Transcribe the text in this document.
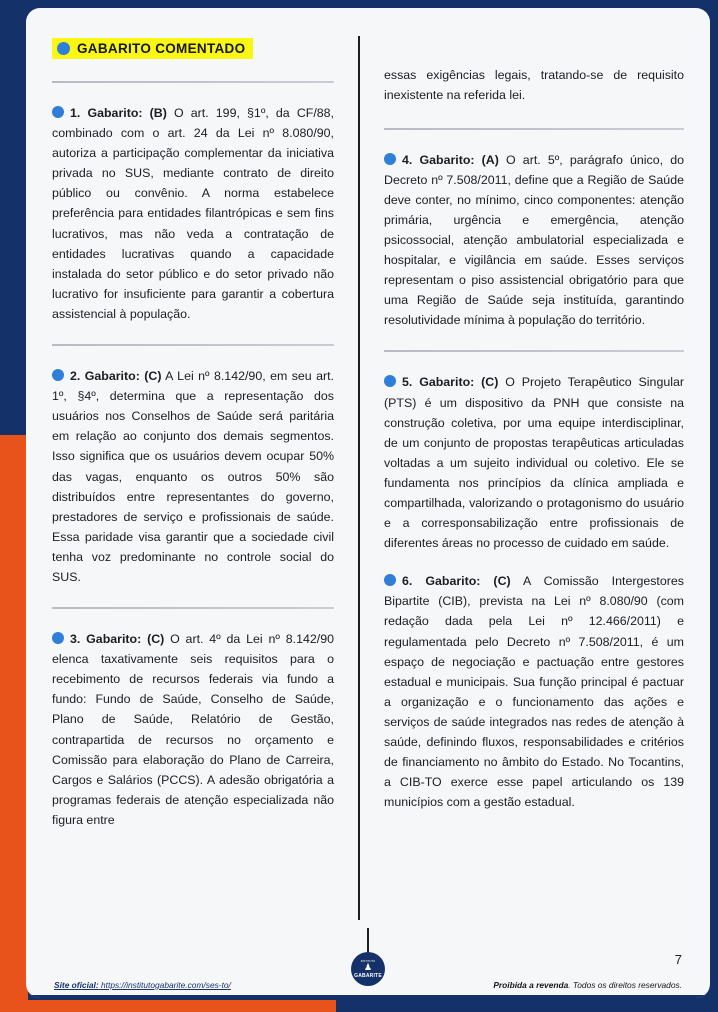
GABARITO COMENTADO

1. Gabarito: (B) O art. 199, §1º, da CF/88, combinado com o art. 24 da Lei nº 8.080/90, autoriza a participação complementar da iniciativa privada no SUS, mediante contrato de direito público ou convênio. A norma estabelece preferência para entidades filantrópicas e sem fins lucrativos, mas não veda a contratação de entidades lucrativas quando a capacidade instalada do setor público e do setor privado não lucrativo for insuficiente para garantir a cobertura assistencial à população.

2. Gabarito: (C) A Lei nº 8.142/90, em seu art. 1º, §4º, determina que a representação dos usuários nos Conselhos de Saúde será paritária em relação ao conjunto dos demais segmentos. Isso significa que os usuários devem ocupar 50% das vagas, enquanto os outros 50% são distribuídos entre representantes do governo, prestadores de serviço e profissionais de saúde. Essa paridade visa garantir que a sociedade civil tenha voz predominante no controle social do SUS.

3. Gabarito: (C) O art. 4º da Lei nº 8.142/90 elenca taxativamente seis requisitos para o recebimento de recursos federais via fundo a fundo: Fundo de Saúde, Conselho de Saúde, Plano de Saúde, Relatório de Gestão, contrapartida de recursos no orçamento e Comissão para elaboração do Plano de Carreira, Cargos e Salários (PCCS). A adesão obrigatória a programas federais de atenção especializada não figura entre

essas exigências legais, tratando-se de requisito inexistente na referida lei.

4. Gabarito: (A) O art. 5º, parágrafo único, do Decreto nº 7.508/2011, define que a Região de Saúde deve conter, no mínimo, cinco componentes: atenção primária, urgência e emergência, atenção psicossocial, atenção ambulatorial especializada e hospitalar, e vigilância em saúde. Esses serviços representam o piso assistencial obrigatório para que uma Região de Saúde seja instituída, garantindo resolutividade mínima à população do território.

5. Gabarito: (C) O Projeto Terapêutico Singular (PTS) é um dispositivo da PNH que consiste na construção coletiva, por uma equipe interdisciplinar, de um conjunto de propostas terapêuticas articuladas voltadas a um sujeito individual ou coletivo. Ele se fundamenta nos princípios da clínica ampliada e compartilhada, valorizando o protagonismo do usuário e a corresponsabilização entre profissionais de diferentes áreas no processo de cuidado em saúde.

6. Gabarito: (C) A Comissão Intergestores Bipartite (CIB), prevista na Lei nº 8.080/90 (com redação dada pela Lei nº 12.466/2011) e regulamentada pelo Decreto nº 7.508/2011, é um espaço de negociação e pactuação entre gestores estadual e municipais. Sua função principal é pactuar a organização e o funcionamento das ações e serviços de saúde integrados nas redes de atenção à saúde, definindo fluxos, responsabilidades e critérios de financiamento no âmbito do Estado. No Tocantins, a CIB-TO exerce esse papel articulando os 139 municípios com a gestão estadual.

7
Site oficial: https://institutogabarite.com/ses-to/
INSTITUTO
♟
GABARITE
Proibida a revenda. Todos os direitos reservados.
